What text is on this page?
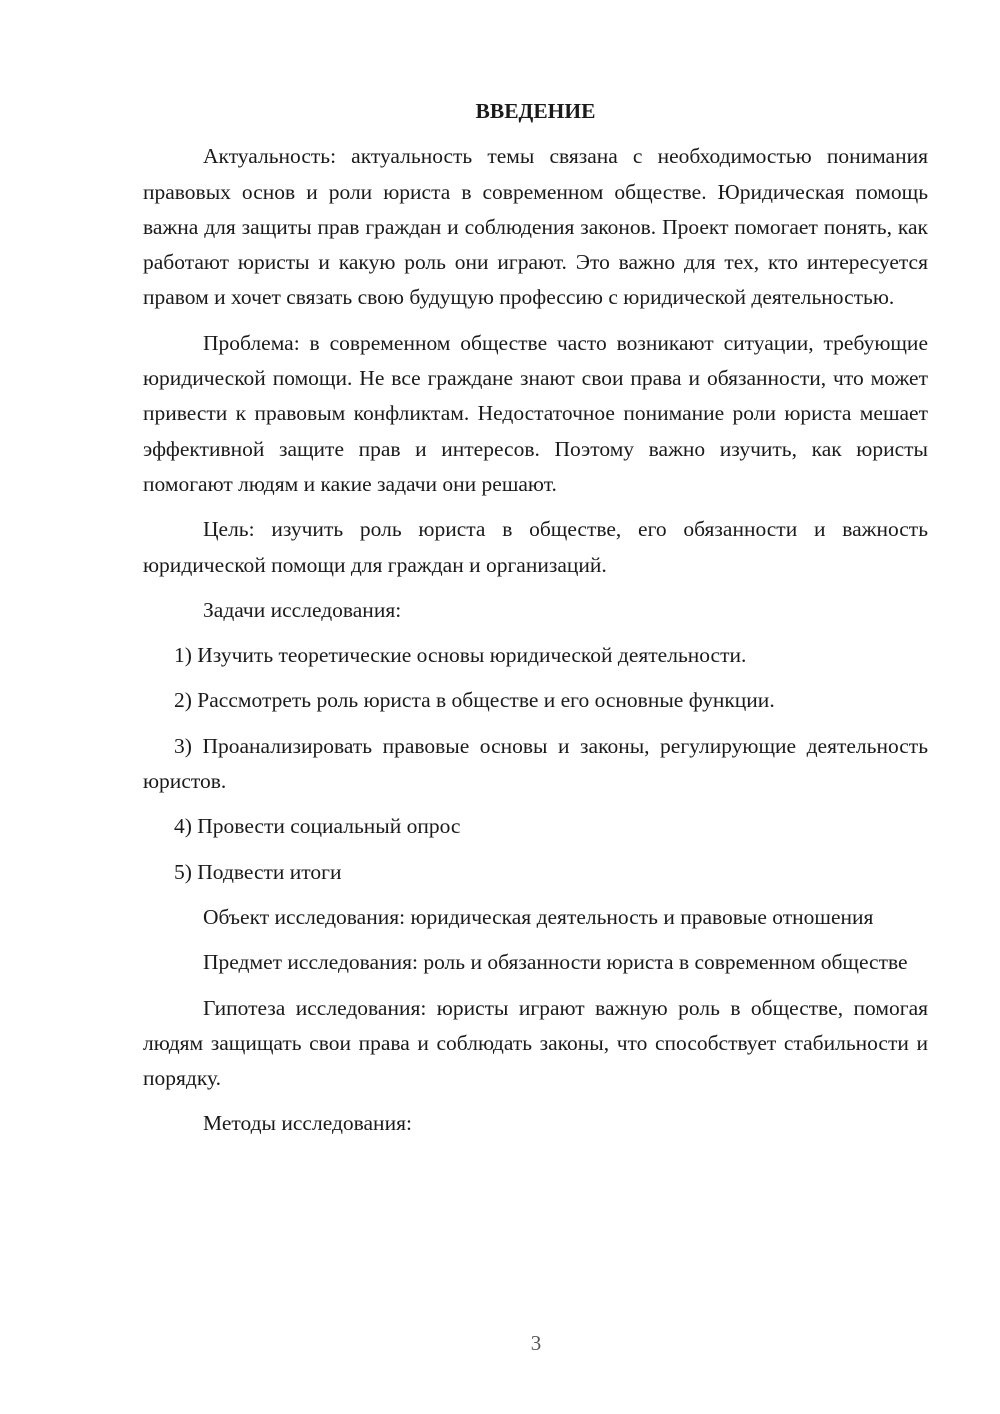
ВВЕДЕНИЕ

Актуальность: актуальность темы связана с необходимостью понимания правовых основ и роли юриста в современном обществе. Юридическая помощь важна для защиты прав граждан и соблюдения законов. Проект помогает понять, как работают юристы и какую роль они играют. Это важно для тех, кто интересуется правом и хочет связать свою будущую профессию с юридической деятельностью.

Проблема: в современном обществе часто возникают ситуации, требующие юридической помощи. Не все граждане знают свои права и обязанности, что может привести к правовым конфликтам. Недостаточное понимание роли юриста мешает эффективной защите прав и интересов. Поэтому важно изучить, как юристы помогают людям и какие задачи они решают.

Цель: изучить роль юриста в обществе, его обязанности и важность юридической помощи для граждан и организаций.

Задачи исследования:

1) Изучить теоретические основы юридической деятельности.

2) Рассмотреть роль юриста в обществе и его основные функции.

3) Проанализировать правовые основы и законы, регулирующие деятельность юристов.

4) Провести социальный опрос

5) Подвести итоги

Объект исследования: юридическая деятельность и правовые отношения

Предмет исследования: роль и обязанности юриста в современном обществе

Гипотеза исследования: юристы играют важную роль в обществе, помогая людям защищать свои права и соблюдать законы, что способствует стабильности и порядку.

Методы исследования:

3
